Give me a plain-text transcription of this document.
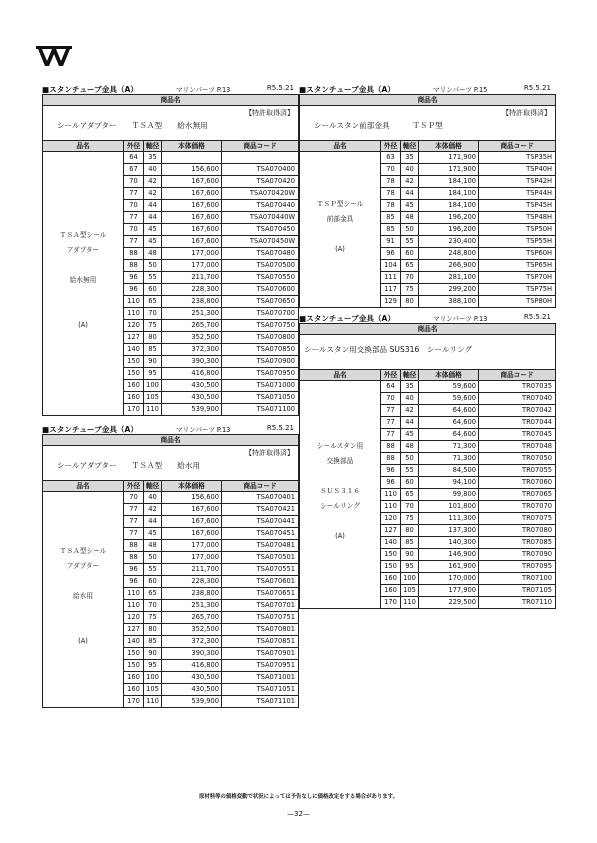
■スタンチューブ金具（A）	マリンパーツ P.13	R5.5.21
商品名				

【特許取得済】
シールアダプター　　ＴＳＡ型　　給水無用				

品名	外径	軸径	本体価格	商品コード

ＴＳＡ型シール
アダプター
給水無用
(A)	64	35		
	67	40	156,600	TSA070400
	70	42	167,600	TSA070420
	77	42	167,600	TSA070420W
	70	44	167,600	TSA070440
	77	44	167,600	TSA070440W
	70	45	167,600	TSA070450
	77	45	167,600	TSA070450W
	88	48	177,000	TSA070480
	88	50	177,000	TSA070500
	96	55	211,700	TSA070550
	96	60	228,300	TSA070600
	110	65	238,800	TSA070650
	110	70	251,300	TSA070700
	120	75	265,700	TSA070750
	127	80	352,500	TSA070800
	140	85	372,300	TSA070850
	150	90	390,300	TSA070900
	150	95	416,800	TSA070950
	160	100	430,500	TSA071000
	160	105	430,500	TSA071050
	170	110	539,900	TSA071100
■スタンチューブ金具（A）	マリンパーツ P.13	R5.5.21
商品名				

【特許取得済】
シールアダプター　　ＴＳＡ型　　給水用				

品名	外径	軸径	本体価格	商品コード

ＴＳＡ型シール
アダプター
給水用
(A)	70	40	156,600	TSA070401
	77	42	167,600	TSA070421
	77	44	167,600	TSA070441
	77	45	167,600	TSA070451
	88	48	177,000	TSA070481
	88	50	177,000	TSA070501
	96	55	211,700	TSA070551
	96	60	228,300	TSA070601
	110	65	238,800	TSA070651
	110	70	251,300	TSA070701
	120	75	265,700	TSA070751
	127	80	352,500	TSA070801
	140	85	372,300	TSA070851
	150	90	390,300	TSA070901
	150	95	416,800	TSA070951
	160	100	430,500	TSA071001
	160	105	430,500	TSA071051
	170	110	539,900	TSA071101
■スタンチューブ金具（A）	マリンパーツ P.15	R5.5.21
商品名				

【特許取得済】
シールスタン前部金具　　　ＴＳＰ型				

品名	外径	軸径	本体価格	商品コード

ＴＳＰ型シール
前部金具
(A)	63	35	171,900	TSP35H
	70	40	171,900	TSP40H
	78	42	184,100	TSP42H
	78	44	184,100	TSP44H
	78	45	184,100	TSP45H
	85	48	196,200	TSP48H
	85	50	196,200	TSP50H
	91	55	230,400	TSP55H
	96	60	248,800	TSP60H
	104	65	266,900	TSP65H
	111	70	281,100	TSP70H
	117	75	299,200	TSP75H
	129	80	388,100	TSP80H
■スタンチューブ金具（A）	マリンパーツ P.13	R5.5.21
商品名				

シールスタン用交換部品 SUS316　シールリング				

品名	外径	軸径	本体価格	商品コード

シールスタン用
交換部品
ＳＵＳ３１６
シールリング
(A)	64	35	59,600	TR07035
	70	40	59,600	TR07040
	77	42	64,600	TR07042
	77	44	64,600	TR07044
	77	45	64,600	TR07045
	88	48	71,300	TR07048
	88	50	71,300	TR07050
	96	55	84,500	TR07055
	96	60	94,100	TR07060
	110	65	99,800	TR07065
	110	70	101,800	TR07070
	120	75	111,300	TR07075
	127	80	137,300	TR07080
	140	85	140,300	TR07085
	150	90	146,900	TR07090
	150	95	161,900	TR07095
	160	100	170,000	TR07100
	160	105	177,900	TR07105
	170	110	229,500	TR07110
原材料等の価格変動で状況によっては予告なしに価格改定をする場合があります。
—32—
